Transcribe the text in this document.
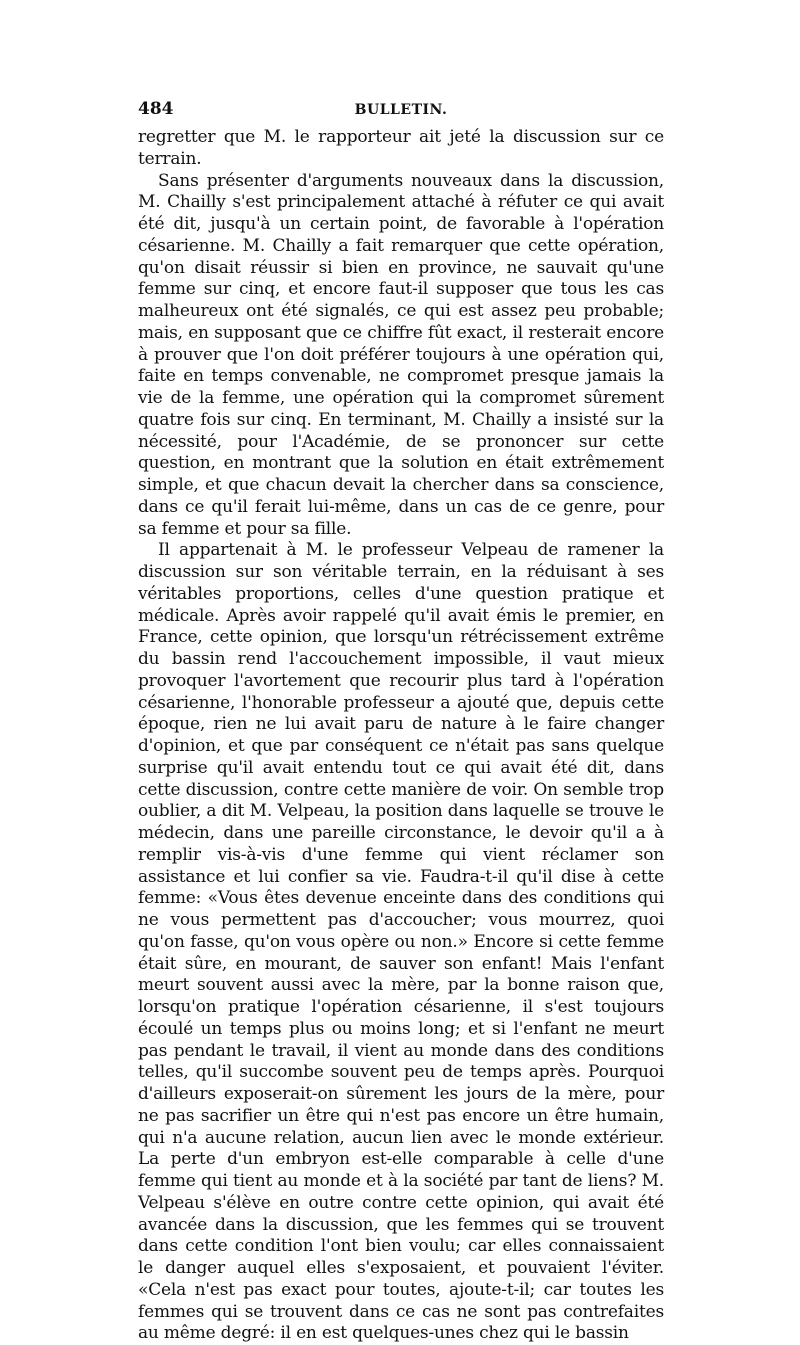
484	BULLETIN.

regretter que M. le rapporteur ait jeté la discussion sur ce terrain.

Sans présenter d'arguments nouveaux dans la discussion, M. Chailly s'est principalement attaché à réfuter ce qui avait été dit, jusqu'à un certain point, de favorable à l'opération césarienne. M. Chailly a fait remarquer que cette opération, qu'on disait réussir si bien en province, ne sauvait qu'une femme sur cinq, et encore faut-il supposer que tous les cas malheureux ont été signalés, ce qui est assez peu probable; mais, en supposant que ce chiffre fût exact, il resterait encore à prouver que l'on doit préférer toujours à une opération qui, faite en temps convenable, ne compromet presque jamais la vie de la femme, une opération qui la compromet sûrement quatre fois sur cinq. En terminant, M. Chailly a insisté sur la nécessité, pour l'Académie, de se prononcer sur cette question, en montrant que la solution en était extrêmement simple, et que chacun devait la chercher dans sa conscience, dans ce qu'il ferait lui-même, dans un cas de ce genre, pour sa femme et pour sa fille.

Il appartenait à M. le professeur Velpeau de ramener la discussion sur son véritable terrain, en la réduisant à ses véritables proportions, celles d'une question pratique et médicale. Après avoir rappelé qu'il avait émis le premier, en France, cette opinion, que lorsqu'un rétrécissement extrême du bassin rend l'accouchement impossible, il vaut mieux provoquer l'avortement que recourir plus tard à l'opération césarienne, l'honorable professeur a ajouté que, depuis cette époque, rien ne lui avait paru de nature à le faire changer d'opinion, et que par conséquent ce n'était pas sans quelque surprise qu'il avait entendu tout ce qui avait été dit, dans cette discussion, contre cette manière de voir. On semble trop oublier, a dit M. Velpeau, la position dans laquelle se trouve le médecin, dans une pareille circonstance, le devoir qu'il a à remplir vis-à-vis d'une femme qui vient réclamer son assistance et lui confier sa vie. Faudra-t-il qu'il dise à cette femme: «Vous êtes devenue enceinte dans des conditions qui ne vous permettent pas d'accoucher; vous mourrez, quoi qu'on fasse, qu'on vous opère ou non.» Encore si cette femme était sûre, en mourant, de sauver son enfant! Mais l'enfant meurt souvent aussi avec la mère, par la bonne raison que, lorsqu'on pratique l'opération césarienne, il s'est toujours écoulé un temps plus ou moins long; et si l'enfant ne meurt pas pendant le travail, il vient au monde dans des conditions telles, qu'il succombe souvent peu de temps après. Pourquoi d'ailleurs exposerait-on sûrement les jours de la mère, pour ne pas sacrifier un être qui n'est pas encore un être humain, qui n'a aucune relation, aucun lien avec le monde extérieur. La perte d'un embryon est-elle comparable à celle d'une femme qui tient au monde et à la société par tant de liens? M. Velpeau s'élève en outre contre cette opinion, qui avait été avancée dans la discussion, que les femmes qui se trouvent dans cette condition l'ont bien voulu; car elles connaissaient le danger auquel elles s'exposaient, et pouvaient l'éviter. «Cela n'est pas exact pour toutes, ajoute-t-il; car toutes les femmes qui se trouvent dans ce cas ne sont pas contrefaites au même degré: il en est quelques-unes chez qui le bassin
